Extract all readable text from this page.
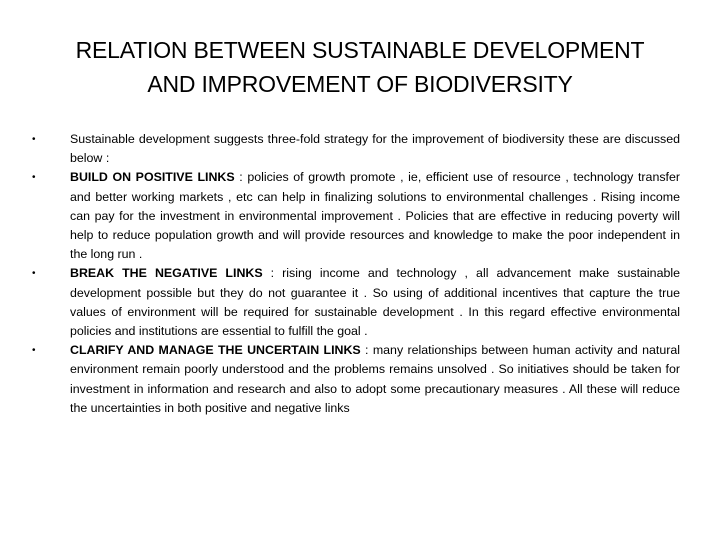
RELATION BETWEEN SUSTAINABLE DEVELOPMENT
AND IMPROVEMENT OF BIODIVERSITY
•	Sustainable development suggests three-fold strategy for the improvement of biodiversity these are discussed below :
•	BUILD ON POSITIVE LINKS : policies of growth promote , ie, efficient use of resource , technology transfer and better working markets , etc can help in finalizing solutions to environmental challenges . Rising income can pay for the investment in environmental improvement . Policies that are effective in reducing poverty will help to reduce population growth and will provide resources and knowledge to make the poor independent in the long run .
•	BREAK THE NEGATIVE LINKS : rising income and technology , all advancement make sustainable development possible but they do not guarantee it . So using of additional incentives that capture the true values of environment will be required for sustainable development . In this regard effective environmental policies and institutions are essential to fulfill the goal .
•	CLARIFY AND MANAGE THE UNCERTAIN LINKS : many relationships between human activity and natural environment remain poorly understood and the problems remains unsolved . So initiatives should be taken for investment in information and research and also to adopt some precautionary measures . All these will reduce the uncertainties in both positive and negative links
